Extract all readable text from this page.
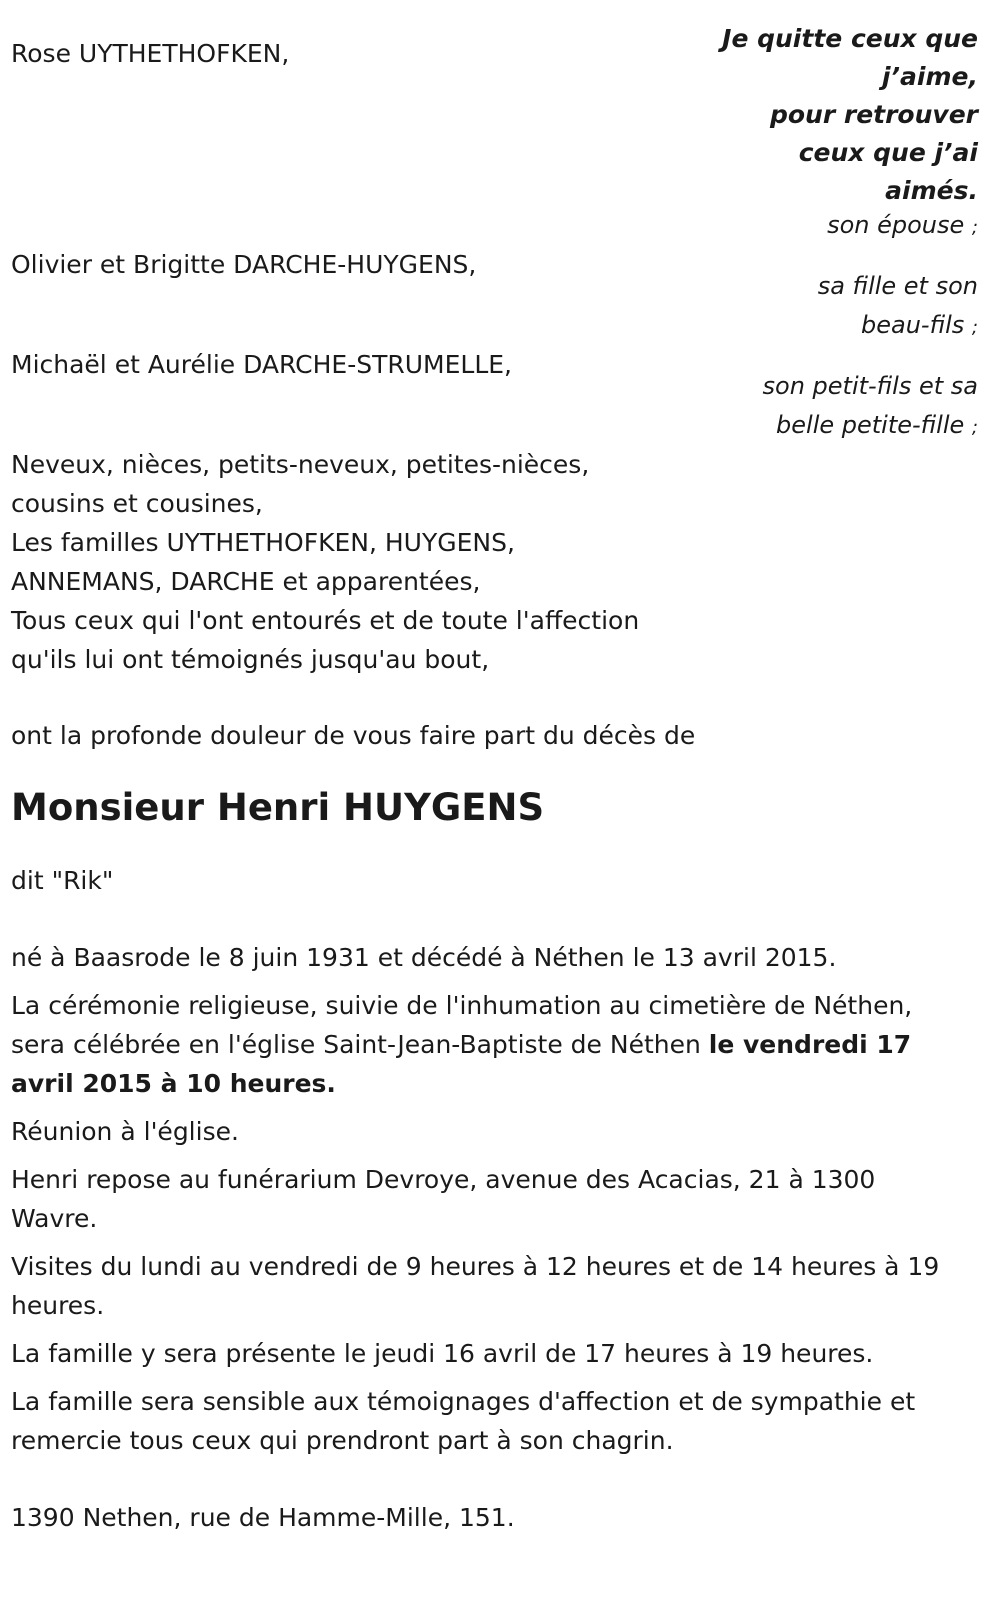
Rose UYTHETHOFKEN,

Olivier et Brigitte DARCHE-HUYGENS,

Michaël et Aurélie DARCHE-STRUMELLE,

Neveux, nièces, petits-neveux, petites-nièces,

cousins et cousines,

Les familles UYTHETHOFKEN, HUYGENS,

ANNEMANS, DARCHE et apparentées,

Tous ceux qui l'ont entourés et de toute l'affection

qu'ils lui ont témoignés jusqu'au bout,

Je quitte ceux que
j’aime,
pour retrouver
ceux que j’ai
aimés.
son épouse ;
sa fille et son
beau-fils ;
son petit-fils et sa
belle petite-fille ;

ont la profonde douleur de vous faire part du décès de

Monsieur Henri HUYGENS

dit "Rik"

né à Baasrode le 8 juin 1931 et décédé à Néthen le 13 avril 2015.

La cérémonie religieuse, suivie de l'inhumation au cimetière de Néthen,
sera célébrée en l'église Saint-Jean-Baptiste de Néthen le vendredi 17
avril 2015 à 10 heures.

Réunion à l'église.

Henri repose au funérarium Devroye, avenue des Acacias, 21 à 1300
Wavre.
Visites du lundi au vendredi de 9 heures à 12 heures et de 14 heures à 19
heures.

La famille y sera présente le jeudi 16 avril de 17 heures à 19 heures.

La famille sera sensible aux témoignages d'affection et de sympathie et
remercie tous ceux qui prendront part à son chagrin.

1390 Nethen, rue de Hamme-Mille, 151.
